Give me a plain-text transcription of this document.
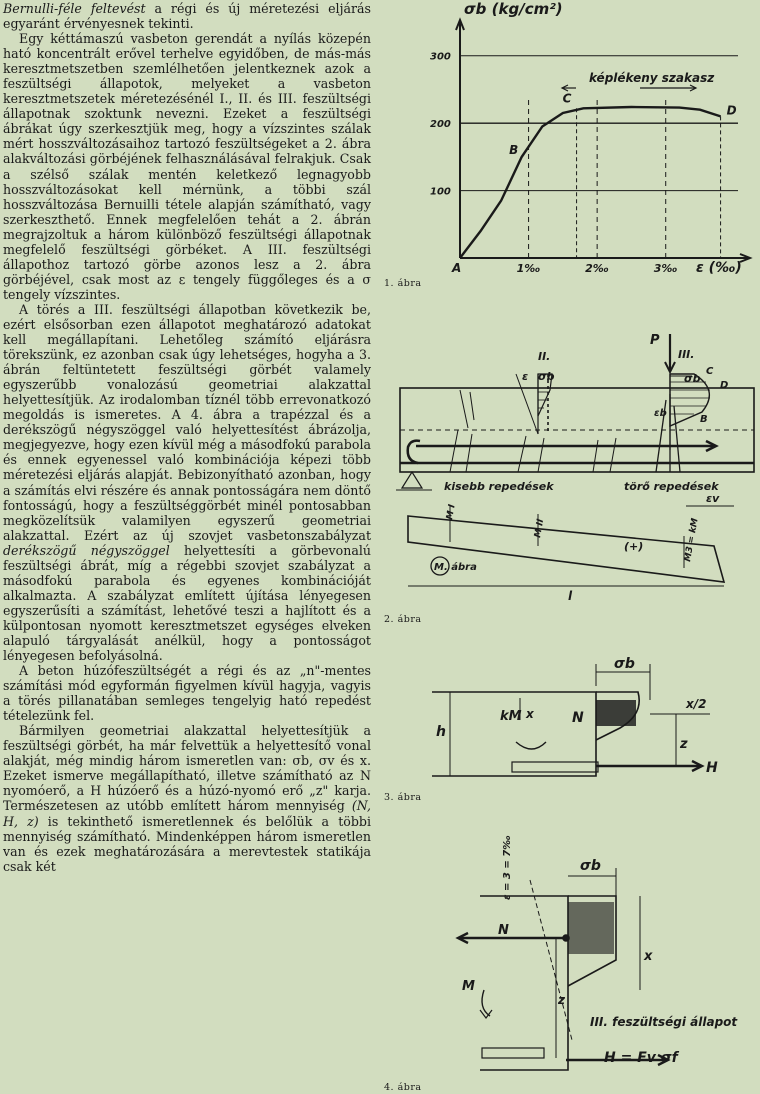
Bernulli-féle feltevést a régi és új méretezési eljárás egyaránt érvényesnek tekinti.

Egy kéttámaszú vasbeton gerendát a nyílás közepén ható koncentrált erővel terhelve egyidőben, de más-más keresztmetszetben szemlélhetően jelentkeznek azok a feszültségi állapotok, melyeket a vasbeton keresztmetszetek méretezésénél I., II. és III. feszültségi állapotnak szoktunk nevezni. Ezeket a feszültségi ábrákat úgy szerkesztjük meg, hogy a vízszintes szálak mért hosszváltozásaihoz tartozó feszültségeket a 2. ábra alakváltozási görbéjének felhasználásával felrakjuk. Csak a szélső szálak mentén keletkező legnagyobb hosszváltozásokat kell mérnünk, a többi szál hosszváltozása Bernuilli tétele alapján számítható, vagy szerkeszthető. Ennek megfelelően tehát a 2. ábrán megrajzoltuk a három különböző feszültségi állapotnak megfelelő feszültségi görbéket. A III. feszültségi állapothoz tartozó görbe azonos lesz a 2. ábra görbéjével, csak most az ε tengely függőleges és a σ tengely vízszintes.

A törés a III. feszültségi állapotban következik be, ezért elsősorban ezen állapotot meghatározó adatokat kell megállapítani. Lehetőleg számító eljárásra törekszünk, ez azonban csak úgy lehetséges, hogyha a 3. ábrán feltüntetett feszültségi görbét valamely egyszerűbb vonalozású geometriai alakzattal helyettesítjük. Az irodalomban tíznél több errevonatkozó megoldás is ismeretes. A 4. ábra a trapézzal és a derékszögű négyszöggel való helyettesítést ábrázolja, megjegyezve, hogy ezen kívül még a másodfokú parabola és ennek egyenessel való kombinációja képezi több méretezési eljárás alapját. Bebizonyítható azonban, hogy a számítás elvi részére és annak pontosságára nem döntő fontosságú, hogy a feszültséggörbét minél pontosabban megközelítsük valamilyen egyszerű geometriai alakzattal. Ezért az új szovjet vasbetonszabályzat derékszögű négyszöggel helyettesíti a görbevonalú feszültségi ábrát, míg a régebbi szovjet szabályzat a másodfokú parabola és egyenes kombinációját alkalmazta. A szabályzat említett újítása lényegesen egyszerűsíti a számítást, lehetővé teszi a hajlított és a külpontosan nyomott keresztmetszet egységes elveken alapuló tárgyalását anélkül, hogy a pontosságot lényegesen befolyásolná.

A beton húzófeszültségét a régi és az „n"-mentes számítási mód egyformán figyelmen kívül hagyja, vagyis a törés pillanatában semleges tengelyig ható repedést tételezünk fel.

Bármilyen geometriai alakzattal helyettesítjük a feszültségi görbét, ha már felvettük a helyettesítő vonal alakját, még mindig három ismeretlen van: σb, σv és x. Ezeket ismerve megállapítható, illetve számítható az N nyomóerő, a H húzóerő és a húzó-nyomó erő „z" karja. Természetesen az utóbb említett három mennyiség (N, H, z) is tekinthető ismeretlennek és belőlük a többi mennyiség számítható. Mindenképpen három ismeretlen van és ezek meghatározására a merevtestek statikája csak két

100
200
300
1‰	2‰	3‰
A
B
C
D
σb (kg/cm²)
ε (‰)
képlékeny szakasz
1. ábra
II.	III.
P
ε σb	σb
C
D
B
εb
kisebb repedések	törő repedések
εv
M I
M II	M3 = kM
(+)
M. ábra
l
2. ábra
σb
kM x	N
x/2
h
z
H
3. ábra
ε = 3 = 7‰	σb
N
x
M
z
III. feszültségi állapot
H = Fv σf
4. ábra
